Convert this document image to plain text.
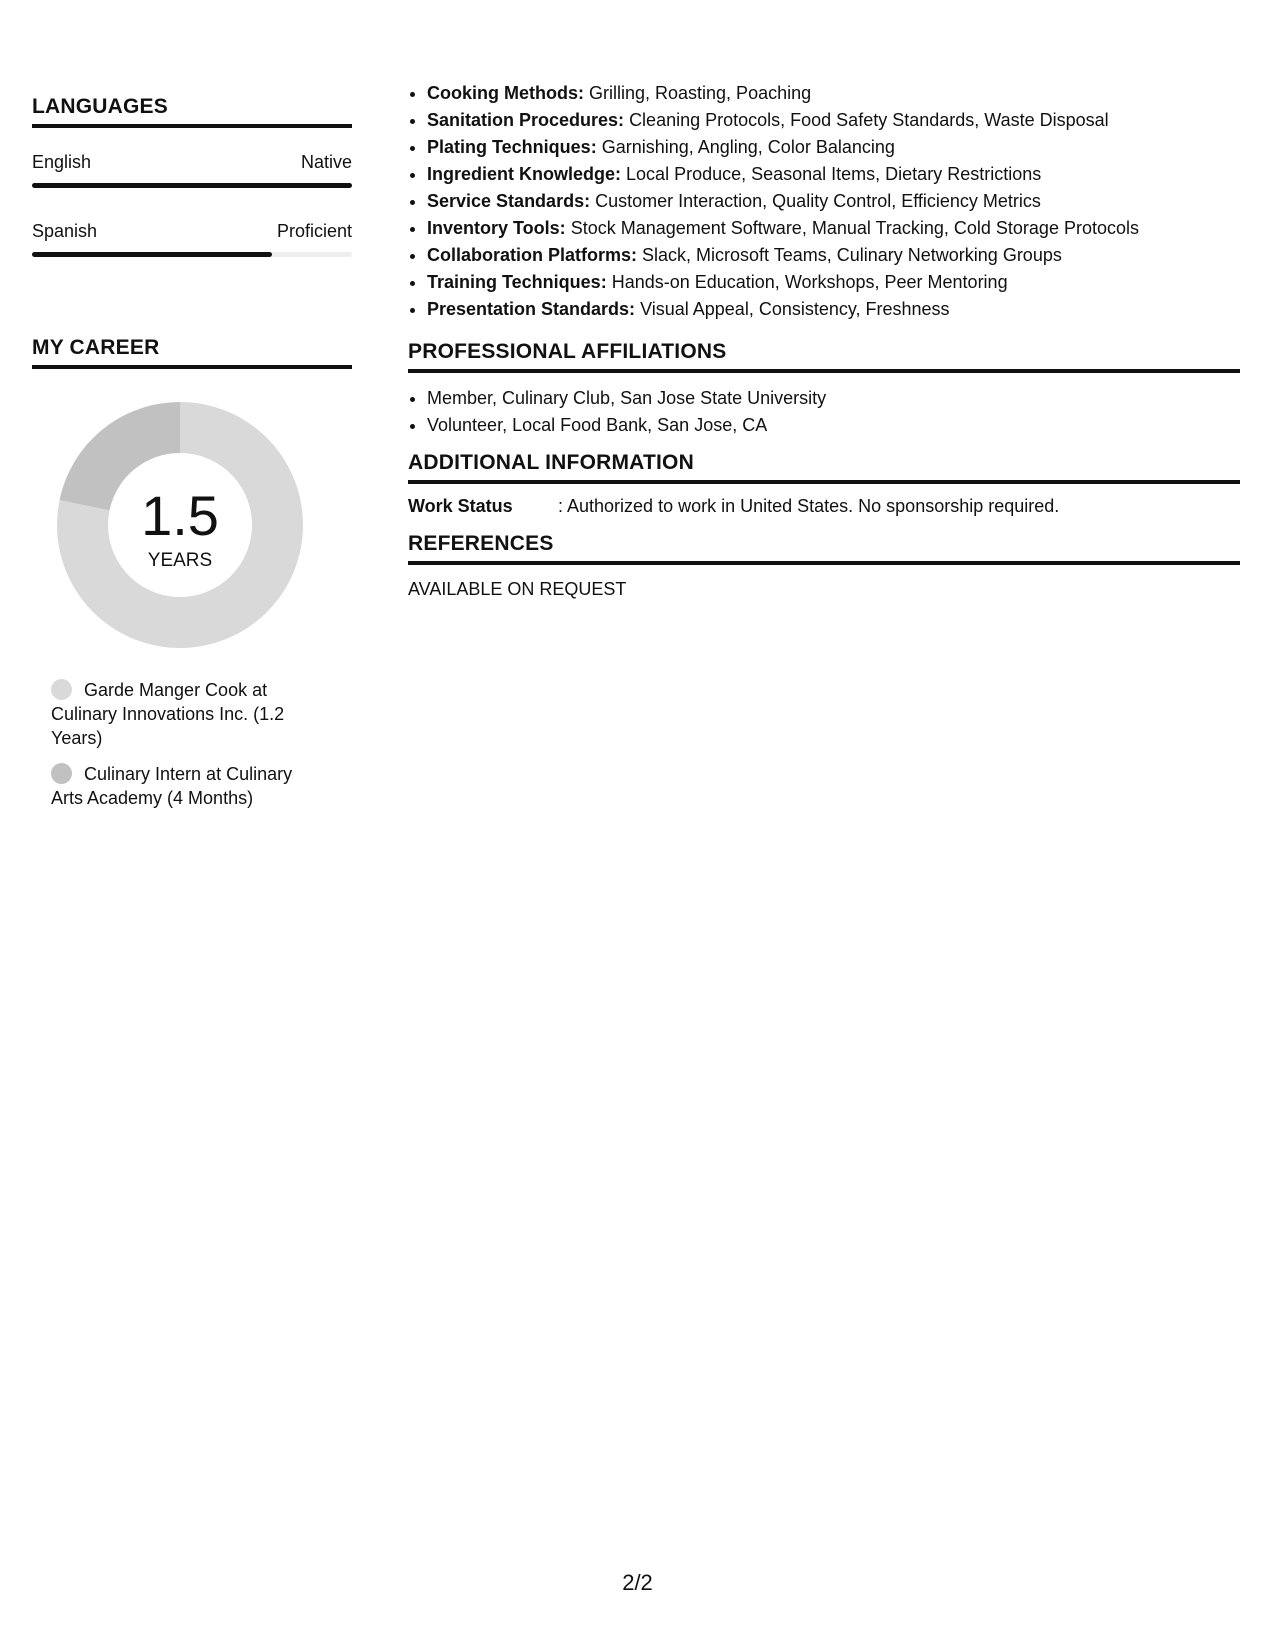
LANGUAGES
English	Native
Spanish	Proficient
MY CAREER
1.5
YEARS
Garde Manger Cook at Culinary Innovations Inc. (1.2 Years)
Culinary Intern at Culinary Arts Academy (4 Months)
• Cooking Methods: Grilling, Roasting, Poaching
• Sanitation Procedures: Cleaning Protocols, Food Safety Standards, Waste Disposal
• Plating Techniques: Garnishing, Angling, Color Balancing
• Ingredient Knowledge: Local Produce, Seasonal Items, Dietary Restrictions
• Service Standards: Customer Interaction, Quality Control, Efficiency Metrics
• Inventory Tools: Stock Management Software, Manual Tracking, Cold Storage Protocols
• Collaboration Platforms: Slack, Microsoft Teams, Culinary Networking Groups
• Training Techniques: Hands-on Education, Workshops, Peer Mentoring
• Presentation Standards: Visual Appeal, Consistency, Freshness
PROFESSIONAL AFFILIATIONS
• Member, Culinary Club, San Jose State University
• Volunteer, Local Food Bank, San Jose, CA
ADDITIONAL INFORMATION
Work Status	: Authorized to work in United States. No sponsorship required.
REFERENCES
AVAILABLE ON REQUEST
2/2
